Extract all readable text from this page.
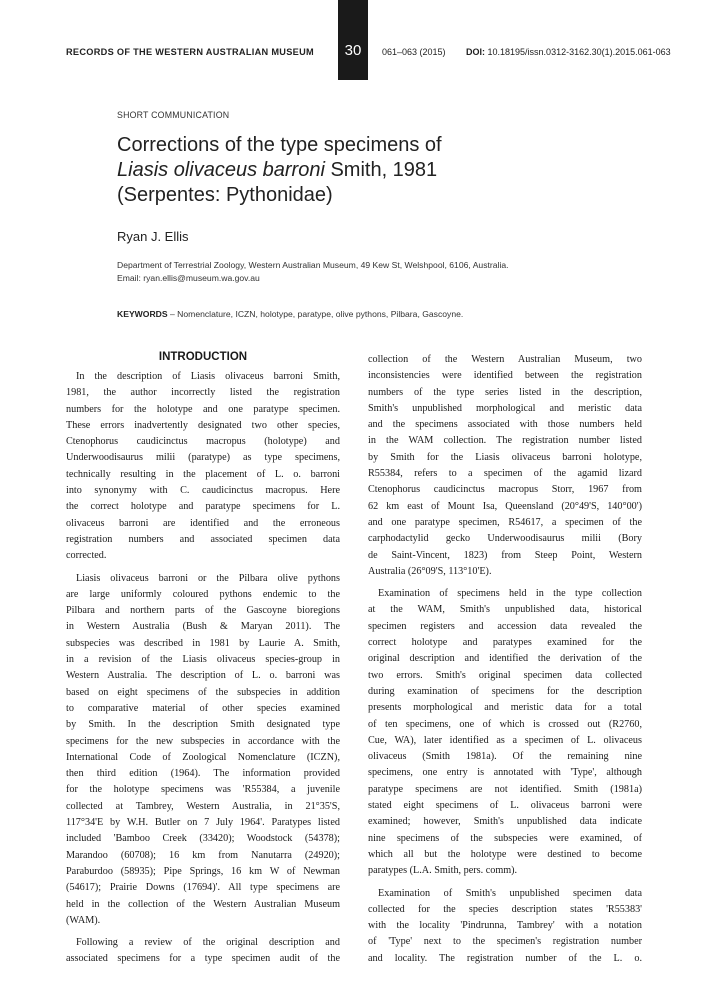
RECORDS OF THE WESTERN AUSTRALIAN MUSEUM	30	061–063 (2015) DOI: 10.18195/issn.0312-3162.30(1).2015.061-063
SHORT COMMUNICATION
Corrections of the type specimens of
Liasis olivaceus barroni Smith, 1981
(Serpentes: Pythonidae)
Ryan J. Ellis
Department of Terrestrial Zoology, Western Australian Museum, 49 Kew St, Welshpool, 6106, Australia.
Email: ryan.ellis@museum.wa.gov.au
KEYWORDS – Nomenclature, ICZN, holotype, paratype, olive pythons, Pilbara, Gascoyne.
INTRODUCTION
In the description of Liasis olivaceus barroni Smith,
1981, the author incorrectly listed the registration
numbers for the holotype and one paratype specimen.
These errors inadvertently designated two other species,
Ctenophorus caudicinctus macropus (holotype) and
Underwoodisaurus milii (paratype) as type specimens,
technically resulting in the placement of L. o. barroni
into synonymy with C. caudicinctus macropus. Here
the correct holotype and paratype specimens for L.
olivaceus barroni are identified and the erroneous
registration numbers and associated specimen data
corrected.
Liasis olivaceus barroni or the Pilbara olive pythons
are large uniformly coloured pythons endemic to the
Pilbara and northern parts of the Gascoyne bioregions
in Western Australia (Bush & Maryan 2011). The
subspecies was described in 1981 by Laurie A. Smith,
in a revision of the Liasis olivaceus species-group in
Western Australia. The description of L. o. barroni was
based on eight specimens of the subspecies in addition
to comparative material of other species examined
by Smith. In the description Smith designated type
specimens for the new subspecies in accordance with the
International Code of Zoological Nomenclature (ICZN),
then third edition (1964). The information provided
for the holotype specimens was 'R55384, a juvenile
collected at Tambrey, Western Australia, in 21°35'S,
117°34'E by W.H. Butler on 7 July 1964'. Paratypes listed
included 'Bamboo Creek (33420); Woodstock (54378);
Marandoo (60708); 16 km from Nanutarra (24920);
Paraburdoo (58935); Pipe Springs, 16 km W of Newman
(54617); Prairie Downs (17694)'. All type specimens are
held in the collection of the Western Australian Museum
(WAM).
Following a review of the original description and
associated specimens for a type specimen audit of the
collection of the Western Australian Museum, two
inconsistencies were identified between the registration
numbers of the type series listed in the description,
Smith's unpublished morphological and meristic data
and the specimens associated with those numbers held
in the WAM collection. The registration number listed
by Smith for the Liasis olivaceus barroni holotype,
R55384, refers to a specimen of the agamid lizard
Ctenophorus caudicinctus macropus Storr, 1967 from
62 km east of Mount Isa, Queensland (20°49'S, 140°00')
and one paratype specimen, R54617, a specimen of the
carphodactylid gecko Underwoodisaurus milii (Bory
de Saint-Vincent, 1823) from Steep Point, Western
Australia (26°09'S, 113°10'E).
Examination of specimens held in the type collection
at the WAM, Smith's unpublished data, historical
specimen registers and accession data revealed the
correct holotype and paratypes examined for the
original description and identified the derivation of the
two errors. Smith's original specimen data collected
during examination of specimens for the description
presents morphological and meristic data for a total
of ten specimens, one of which is crossed out (R2760,
Cue, WA), later identified as a specimen of L. olivaceus
olivaceus (Smith 1981a). Of the remaining nine
specimens, one entry is annotated with 'Type', although
paratype specimens are not identified. Smith (1981a)
stated eight specimens of L. olivaceus barroni were
examined; however, Smith's unpublished data indicate
nine specimens of the subspecies were examined, of
which all but the holotype were destined to become
paratypes (L.A. Smith, pers. comm).
Examination of Smith's unpublished specimen data
collected for the species description states 'R55383'
with the locality 'Pindrunna, Tambrey' with a notation
of 'Type' next to the specimen's registration number
and locality. The registration number of the L. o.
